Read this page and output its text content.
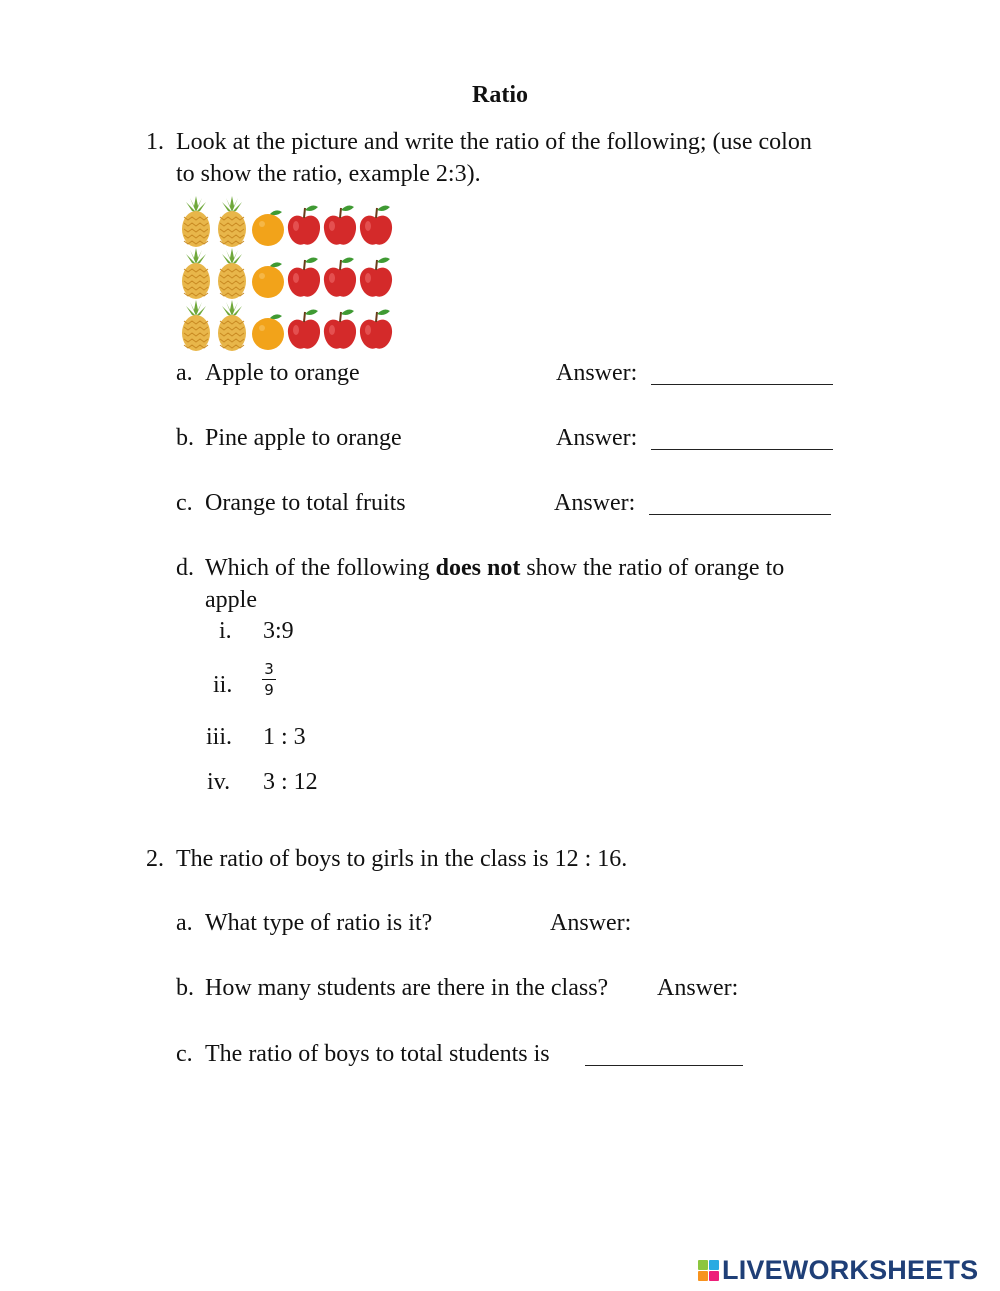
Ratio
1. Look at the picture and write the ratio of the following; (use colon
to show the ratio, example 2:3).
a. Apple to orange	Answer:
b. Pine apple to orange	Answer:
c. Orange to total fruits	Answer:
d. Which of the following does not show the ratio of orange to
apple
i. 3:9
ii.
3
9
iii. 1 : 3
iv. 3 : 12
2. The ratio of boys to girls in the class is 12 : 16.
a. What type of ratio is it?	Answer:
b. How many students are there in the class? Answer:
c. The ratio of boys to total students is
LIVEWORKSHEETS
